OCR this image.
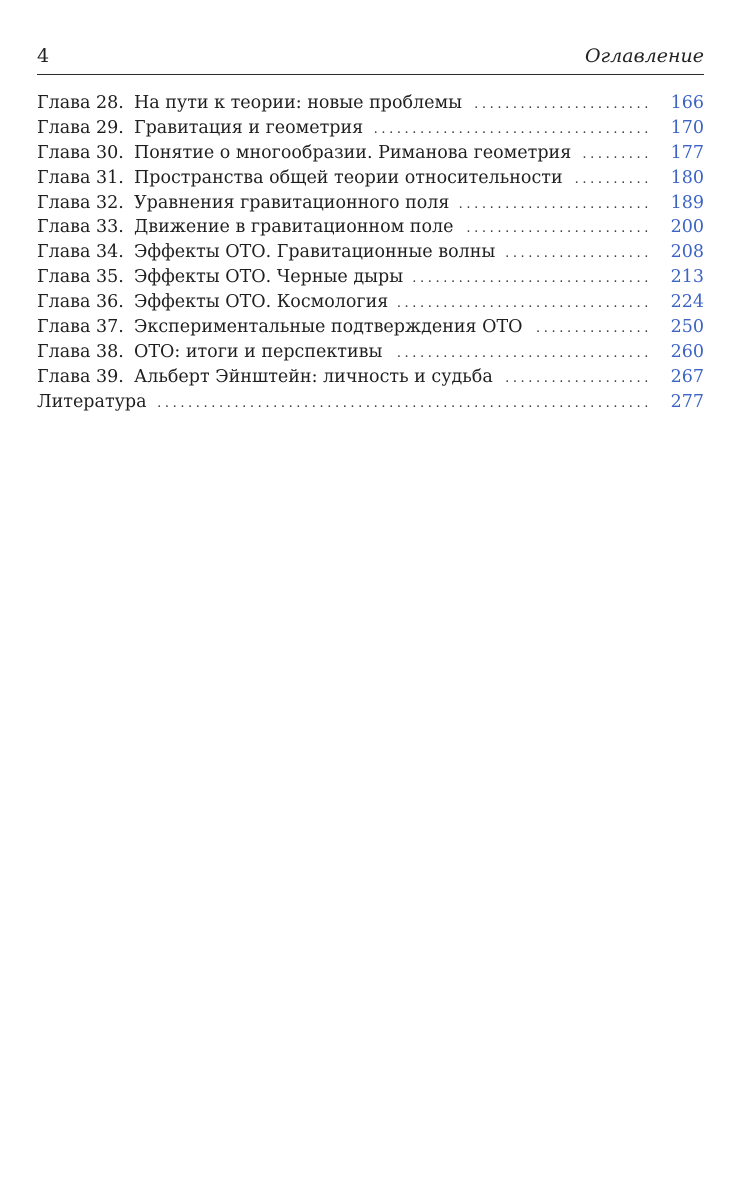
4	Оглавление
Глава 28. На пути к теории: новые проблемы .....	166
Глава 29. Гравитация и геометрия .....	170
Глава 30. Понятие о многообразии. Риманова геометрия .....	177
Глава 31. Пространства общей теории относительности .....	180
Глава 32. Уравнения гравитационного поля .....	189
Глава 33. Движение в гравитационном поле .....	200
Глава 34. Эффекты ОТО. Гравитационные волны .....	208
Глава 35. Эффекты ОТО. Черные дыры .....	213
Глава 36. Эффекты ОТО. Космология .....	224
Глава 37. Экспериментальные подтверждения ОТО .....	250
Глава 38. ОТО: итоги и перспективы .....	260
Глава 39. Альберт Эйнштейн: личность и судьба .....	267
Литература .....	277
